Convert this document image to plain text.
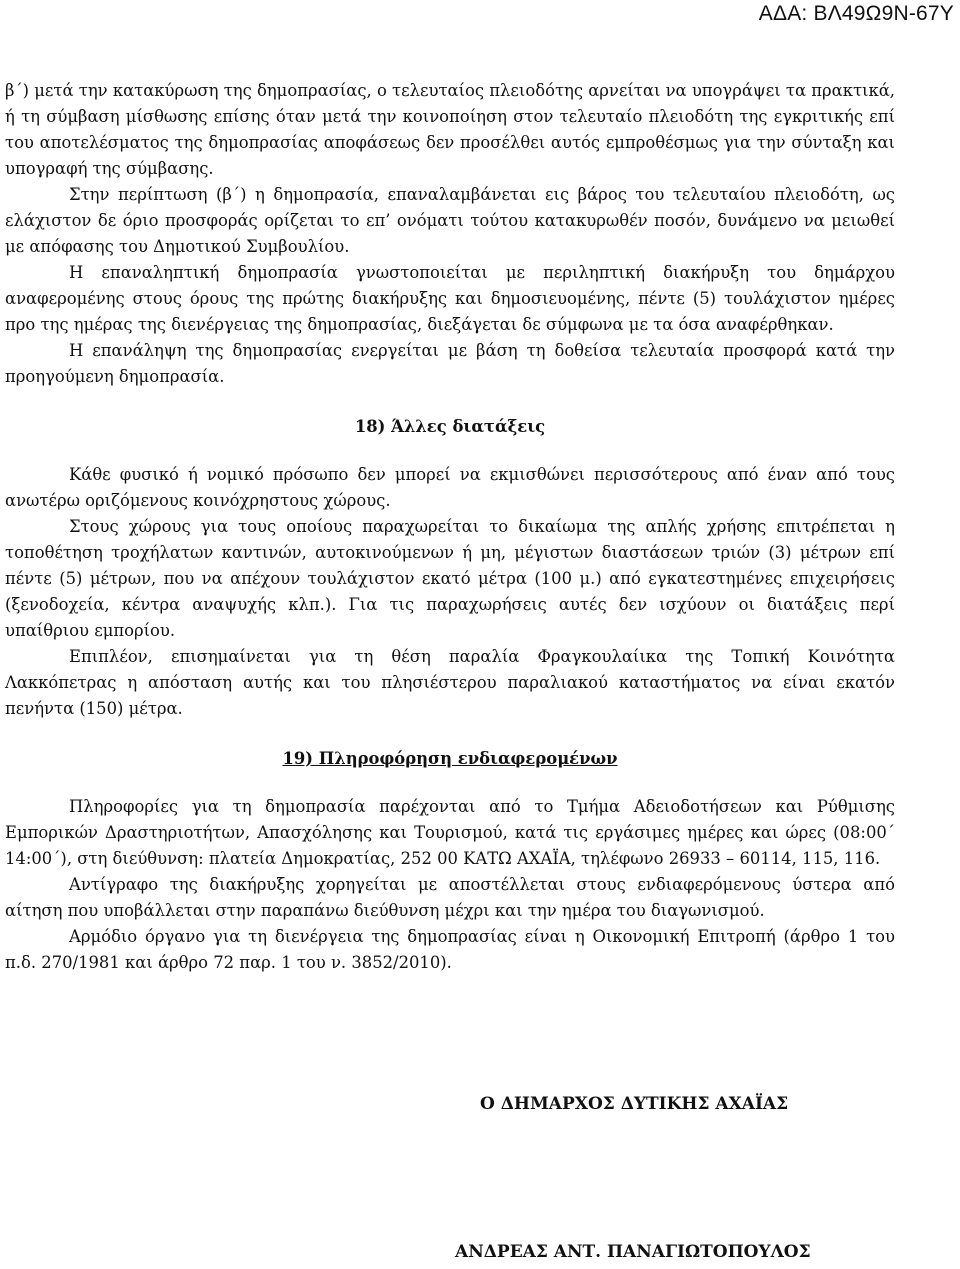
ΑΔΑ: ΒΛ49Ω9Ν-67Υ

β΄) μετά την κατακύρωση της δημοπρασίας, ο τελευταίος πλειοδότης αρνείται να υπογράψει τα πρακτικά, ή τη σύμβαση μίσθωσης επίσης όταν μετά την κοινοποίηση στον τελευταίο πλειοδότη της εγκριτικής επί του αποτελέσματος της δημοπρασίας αποφάσεως δεν προσέλθει αυτός εμπροθέσμως για την σύνταξη και υπογραφή της σύμβασης.

Στην περίπτωση (β΄) η δημοπρασία, επαναλαμβάνεται εις βάρος του τελευταίου πλειοδότη, ως ελάχιστον δε όριο προσφοράς ορίζεται το επ’ ονόματι τούτου κατακυρωθέν ποσόν, δυνάμενο να μειωθεί με απόφασης του Δημοτικού Συμβουλίου.

Η επαναληπτική δημοπρασία γνωστοποιείται με περιληπτική διακήρυξη του δημάρχου αναφερομένης στους όρους της πρώτης διακήρυξης και δημοσιευομένης, πέντε (5) τουλάχιστον ημέρες προ της ημέρας της διενέργειας της δημοπρασίας, διεξάγεται δε σύμφωνα με τα όσα αναφέρθηκαν.

Η επανάληψη της δημοπρασίας ενεργείται με βάση τη δοθείσα τελευταία προσφορά κατά την προηγούμενη δημοπρασία.

18) Άλλες διατάξεις

Κάθε φυσικό ή νομικό πρόσωπο δεν μπορεί να εκμισθώνει περισσότερους από έναν από τους ανωτέρω οριζόμενους κοινόχρηστους χώρους.

Στους χώρους για τους οποίους παραχωρείται το δικαίωμα της απλής χρήσης επιτρέπεται η τοποθέτηση τροχήλατων καντινών, αυτοκινούμενων ή μη, μέγιστων διαστάσεων τριών (3) μέτρων επί πέντε (5) μέτρων, που να απέχουν τουλάχιστον εκατό μέτρα (100 μ.) από εγκατεστημένες επιχειρήσεις (ξενοδοχεία, κέντρα αναψυχής κλπ.). Για τις παραχωρήσεις αυτές δεν ισχύουν οι διατάξεις περί υπαίθριου εμπορίου.

Επιπλέον, επισημαίνεται για τη θέση παραλία Φραγκουλαίικα της Τοπική Κοινότητα Λακκόπετρας η απόσταση αυτής και του πλησιέστερου παραλιακού καταστήματος να είναι εκατόν πενήντα (150) μέτρα.

19) Πληροφόρηση ενδιαφερομένων

Πληροφορίες για τη δημοπρασία παρέχονται από το Τμήμα Αδειοδοτήσεων και Ρύθμισης Εμπορικών Δραστηριοτήτων, Απασχόλησης και Τουρισμού, κατά τις εργάσιμες ημέρες και ώρες (08:00΄ 14:00΄), στη διεύθυνση: πλατεία Δημοκρατίας, 252 00 ΚΑΤΩ ΑΧΑΪΑ, τηλέφωνο 26933 – 60114, 115, 116.

Αντίγραφο της διακήρυξης χορηγείται με αποστέλλεται στους ενδιαφερόμενους ύστερα από αίτηση που υποβάλλεται στην παραπάνω διεύθυνση μέχρι και την ημέρα του διαγωνισμού.

Αρμόδιο όργανο για τη διενέργεια της δημοπρασίας είναι η Οικονομική Επιτροπή (άρθρο 1 του π.δ. 270/1981 και άρθρο 72 παρ. 1 του ν. 3852/2010).

Ο ΔΗΜΑΡΧΟΣ ΔΥΤΙΚΗΣ ΑΧΑΪΑΣ
ΑΝΔΡΕΑΣ ΑΝΤ. ΠΑΝΑΓΙΩΤΟΠΟΥΛΟΣ
